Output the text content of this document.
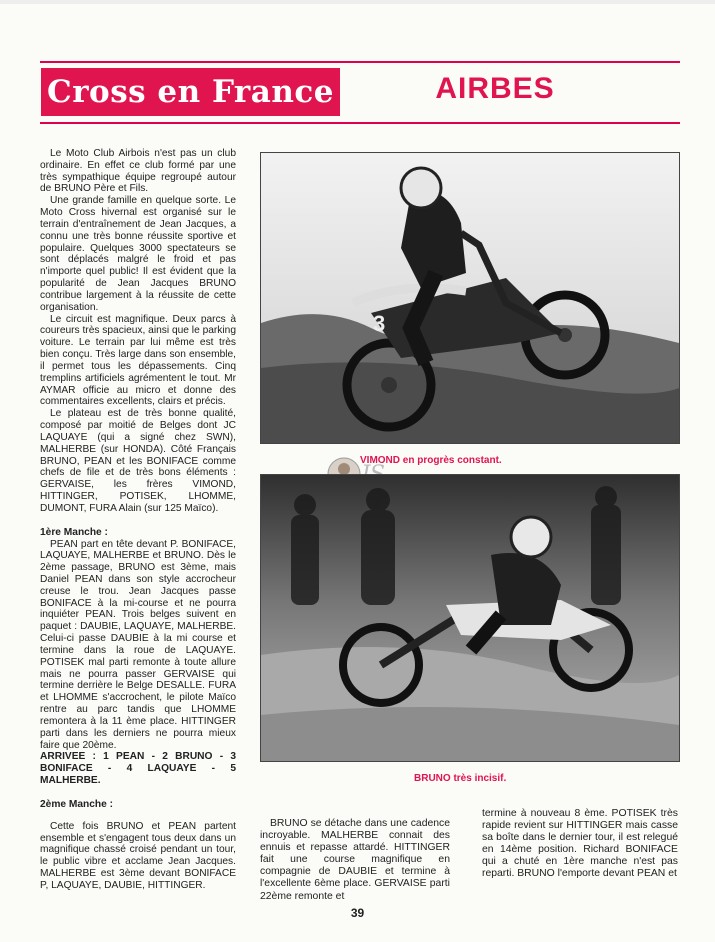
Cross en France	AIRBES

Le Moto Club Airbois n'est pas un club ordinaire. En effet ce club formé par une très sympathique équipe regroupé autour de BRUNO Père et Fils.

Une grande famille en quelque sorte. Le Moto Cross hivernal est organisé sur le terrain d'entraînement de Jean Jacques, a connu une très bonne réussite sportive et populaire. Quelques 3000 spectateurs se sont déplacés malgré le froid et pas n'importe quel public! Il est évident que la popularité de Jean Jacques BRUNO contribue largement à la réussite de cette organisation.

Le circuit est magnifique. Deux parcs à coureurs très spacieux, ainsi que le parking voiture. Le terrain par lui même est très bien conçu. Très large dans son ensemble, il permet tous les dépassements. Cinq tremplins artificiels agrémentent le tout. Mr AYMAR officie au micro et donne des commentaires excellents, clairs et précis.

Le plateau est de très bonne qualité, composé par moitié de Belges dont JC LAQUAYE (qui a signé chez SWN), MALHERBE (sur HONDA). Côté Français BRUNO, PEAN et les BONIFACE comme chefs de file et de très bons éléments : GERVAISE, les frères VIMOND, HITTINGER, POTISEK, LHOMME, DUMONT, FURA Alain (sur 125 Maïco).

1ère Manche :

PEAN part en tête devant P. BONIFACE, LAQUAYE, MALHERBE et BRUNO. Dès le 2ème passage, BRUNO est 3ème, mais Daniel PEAN dans son style accrocheur creuse le trou. Jean Jacques passe BONIFACE à la mi-course et ne pourra inquiéter PEAN. Trois belges suivent en paquet : DAUBIE, LAQUAYE, MALHERBE. Celui-ci passe DAUBIE à la mi course et termine dans la roue de LAQUAYE. POTISEK mal parti remonte à toute allure mais ne pourra passer GERVAISE qui termine derrière le Belge DESALLE. FURA et LHOMME s'accrochent, le pilote Maïco rentre au parc tandis que LHOMME remontera à la 11 ème place. HITTINGER parti dans les derniers ne pourra mieux faire que 20ème.

ARRIVEE : 1 PEAN - 2 BRUNO - 3 BONIFACE - 4 LAQUAYE - 5 MALHERBE.

2ème Manche :

Cette fois BRUNO et PEAN partent ensemble et s'engagent tous deux dans un magnifique chassé croisé pendant un tour, le public vibre et acclame Jean Jacques. MALHERBE est 3ème devant BONIFACE P, LAQUAYE, DAUBIE, HITTINGER.

3
VIMOND en progrès constant.
BRUNO très incisif.

BRUNO se détache dans une cadence incroyable. MALHERBE connait des ennuis et repasse attardé. HITTINGER fait une course magnifique en compagnie de DAUBIE et termine à l'excellente 6ème place. GERVAISE parti 22ème remonte et

termine à nouveau 8 ème. POTISEK très rapide revient sur HITTINGER mais casse sa boîte dans le dernier tour, il est relegué en 14ème position. Richard BONIFACE qui a chuté en 1ère manche n'est pas reparti. BRUNO l'emporte devant PEAN et

39
